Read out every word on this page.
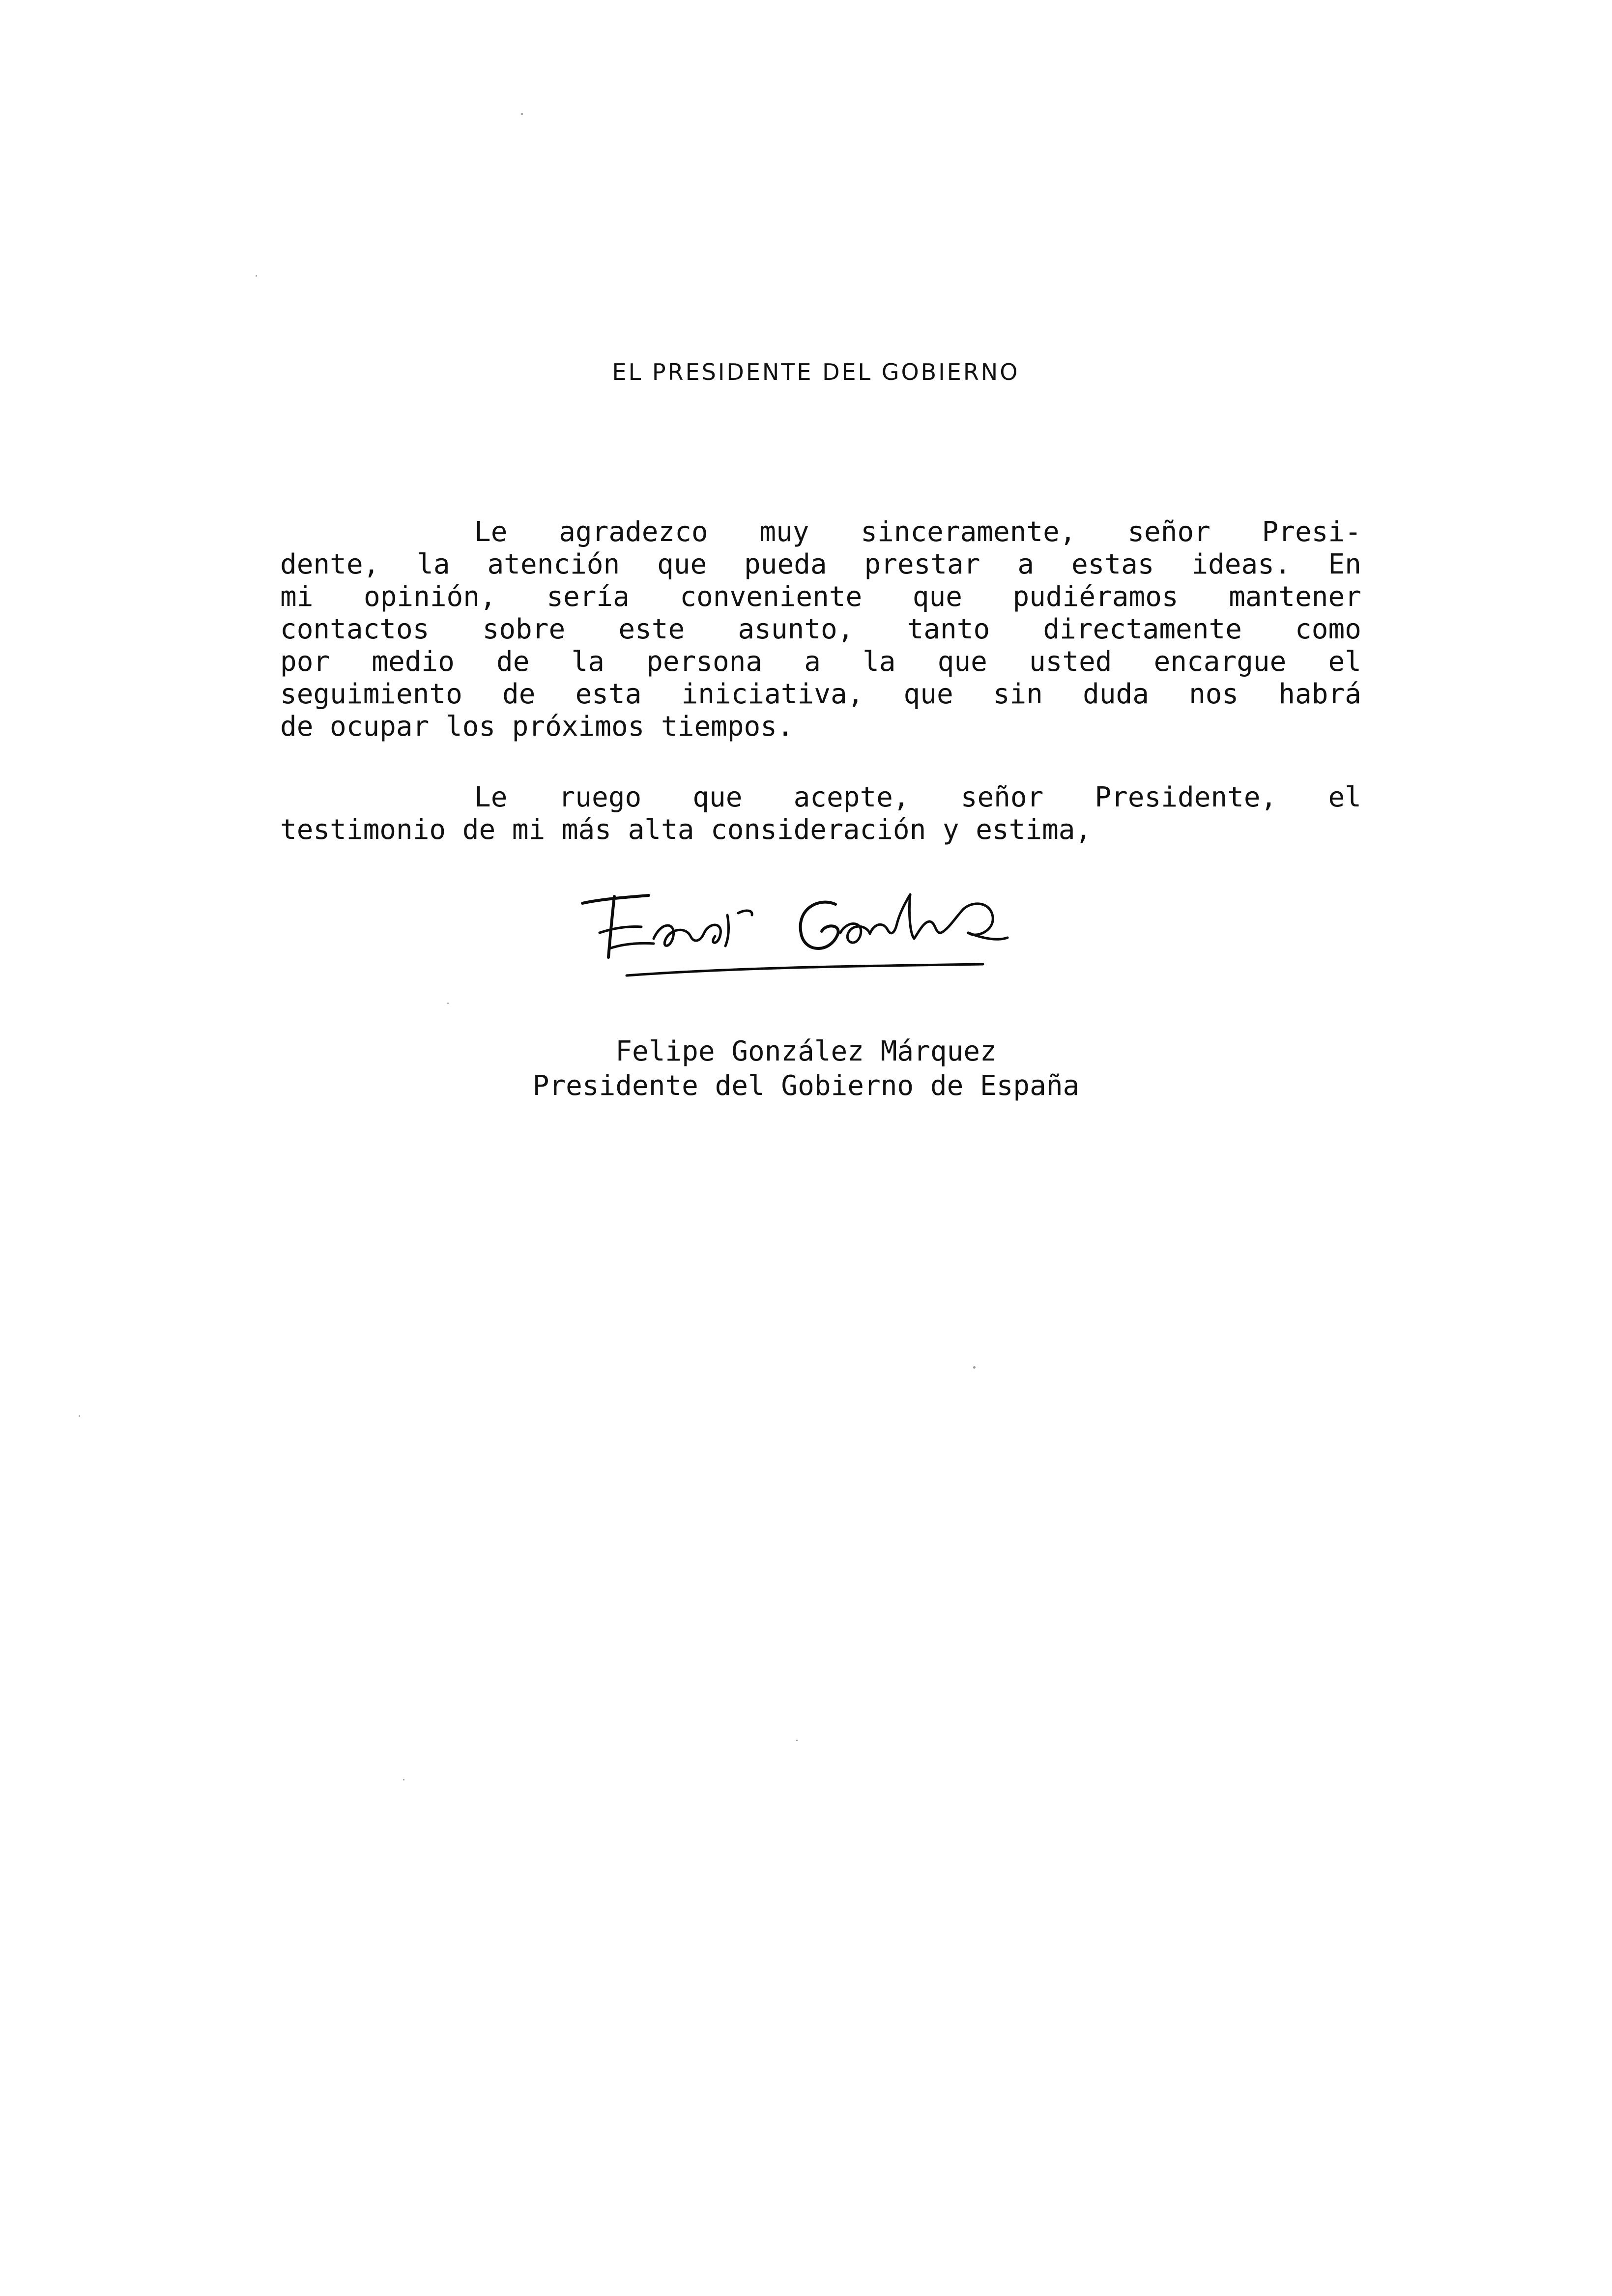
EL PRESIDENTE DEL GOBIERNO
Le agradezco muy sinceramente, señor Presi-
dente, la atención que pueda prestar a estas ideas. En
mi opinión, sería conveniente que pudiéramos mantener
contactos sobre este asunto, tanto directamente como
por medio de la persona a la que usted encargue el
seguimiento de esta iniciativa, que sin duda nos habrá
de ocupar los próximos tiempos.
Le ruego que acepte, señor Presidente, el
testimonio de mi más alta consideración y estima,
Felipe González Márquez
Presidente del Gobierno de España
